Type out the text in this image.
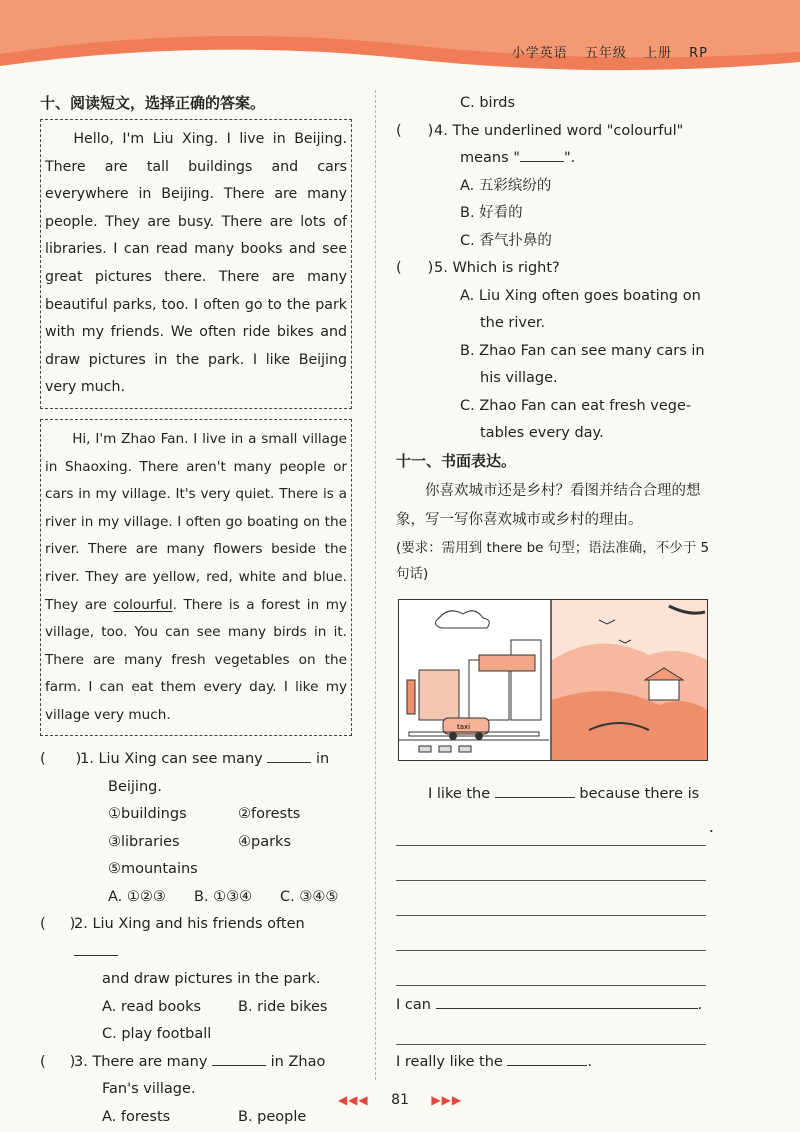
小学英语 五年级 上册 RP
十、阅读短文，选择正确的答案。

Hello, I'm Liu Xing. I live in Beijing. There are tall buildings and cars everywhere in Beijing. There are many people. They are busy. There are lots of libraries. I can read many books and see great pictures there. There are many beautiful parks, too. I often go to the park with my friends. We often ride bikes and draw pictures in the park. I like Beijing very much.

Hi, I'm Zhao Fan. I live in a small village in Shaoxing. There aren't many people or cars in my village. It's very quiet. There is a river in my village. I often go boating on the river. There are many flowers beside the river. They are yellow, red, white and blue. They are colourful. There is a forest in my village, too. You can see many birds in it. There are many fresh vegetables on the farm. I can eat them every day. I like my village very much.

( )
1. Liu Xing can see many	in
Beijing.
①buildings	②forests
③libraries	④parks
⑤mountains
A. ①②③	B. ①③④	C. ③④⑤
( )
2. Liu Xing and his friends often
and draw pictures in the park.
A. read books	B. ride bikes
C. play football
( )
3. There are many	in Zhao
Fan's village.
A. forests	B. people
C. birds
( ) 4. The underlined word "colourful"
means "	".
A. 五彩缤纷的
B. 好看的
C. 香气扑鼻的
( ) 5. Which is right?
A. Liu Xing often goes boating on
the river.
B. Zhao Fan can see many cars in
his village.
C. Zhao Fan can eat fresh vege-
tables every day.
十一、书面表达。
你喜欢城市还是乡村？看图并结合合理的想象，写一写你喜欢城市或乡村的理由。
(要求：需用到 there be 句型；语法准确，不少于 5 句话)
taxi
I like the	because there is
.
I can	.
I really like the	.
◀◀◀ 81 ▶▶▶
